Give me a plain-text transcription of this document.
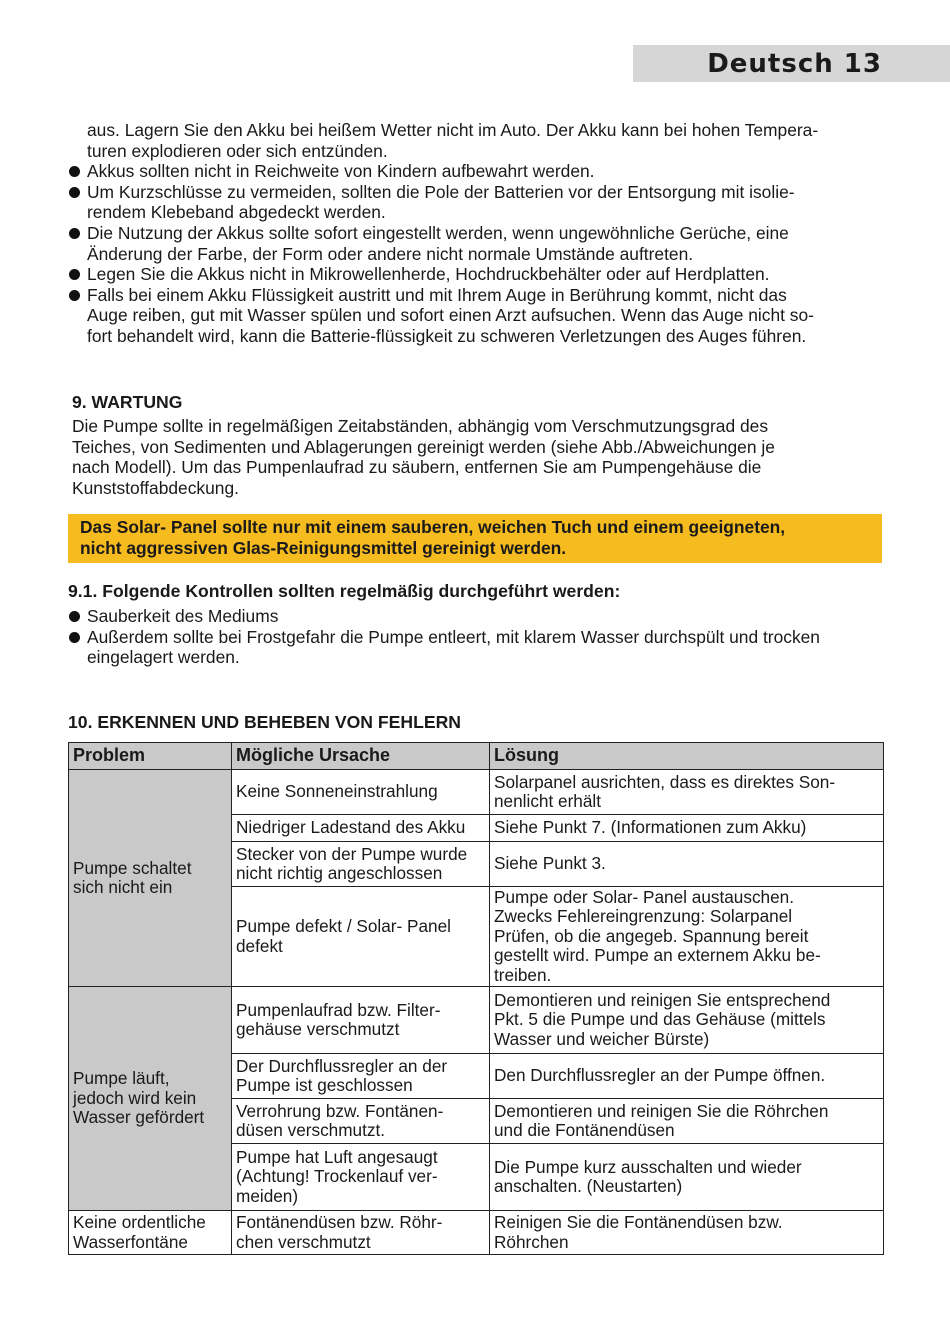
Deutsch 13
aus. Lagern Sie den Akku bei heißem Wetter nicht im Auto. Der Akku kann bei hohen Tempera-
turen explodieren oder sich entzünden.
Akkus sollten nicht in Reichweite von Kindern aufbewahrt werden.
Um Kurzschlüsse zu vermeiden, sollten die Pole der Batterien vor der Entsorgung mit isolie-
rendem Klebeband abgedeckt werden.
Die Nutzung der Akkus sollte sofort eingestellt werden, wenn ungewöhnliche Gerüche, eine
Änderung der Farbe, der Form oder andere nicht normale Umstände auftreten.
Legen Sie die Akkus nicht in Mikrowellenherde, Hochdruckbehälter oder auf Herdplatten.
Falls bei einem Akku Flüssigkeit austritt und mit Ihrem Auge in Berührung kommt, nicht das
Auge reiben, gut mit Wasser spülen und sofort einen Arzt aufsuchen. Wenn das Auge nicht so-
fort behandelt wird, kann die Batterie-flüssigkeit zu schweren Verletzungen des Auges führen.
9. WARTUNG
Die Pumpe sollte in regelmäßigen Zeitabständen, abhängig vom Verschmutzungsgrad des
Teiches, von Sedimenten und Ablagerungen gereinigt werden (siehe Abb./Abweichungen je
nach Modell). Um das Pumpenlaufrad zu säubern, entfernen Sie am Pumpengehäuse die
Kunststoffabdeckung.
Das Solar- Panel sollte nur mit einem sauberen, weichen Tuch und einem geeigneten,
nicht aggressiven Glas-Reinigungsmittel gereinigt werden.
9.1. Folgende Kontrollen sollten regelmäßig durchgeführt werden:
Sauberkeit des Mediums
Außerdem sollte bei Frostgefahr die Pumpe entleert, mit klarem Wasser durchspült und trocken
eingelagert werden.
10. ERKENNEN UND BEHEBEN VON FEHLERN
Problem	Mögliche Ursache	Lösung
Pumpe schaltet
sich nicht ein	Keine Sonneneinstrahlung	Solarpanel ausrichten, dass es direktes Son-
nenlicht erhält
	Niedriger Ladestand des Akku	Siehe Punkt 7. (Informationen zum Akku)
	Stecker von der Pumpe wurde
nicht richtig angeschlossen	Siehe Punkt 3.
	Pumpe defekt / Solar- Panel
defekt	Pumpe oder Solar- Panel austauschen.
Zwecks Fehlereingrenzung: Solarpanel
Prüfen, ob die angegeb. Spannung bereit
gestellt wird. Pumpe an externem Akku be-
treiben.
Pumpe läuft,
jedoch wird kein
Wasser gefördert	Pumpenlaufrad bzw. Filter-
gehäuse verschmutzt	Demontieren und reinigen Sie entsprechend
Pkt. 5 die Pumpe und das Gehäuse (mittels
Wasser und weicher Bürste)
	Der Durchflussregler an der
Pumpe ist geschlossen	Den Durchflussregler an der Pumpe öffnen.
	Verrohrung bzw. Fontänen-
düsen verschmutzt.	Demontieren und reinigen Sie die Röhrchen
und die Fontänendüsen
	Pumpe hat Luft angesaugt
(Achtung! Trockenlauf ver-
meiden)	Die Pumpe kurz ausschalten und wieder
anschalten. (Neustarten)
Keine ordentliche
Wasserfontäne	Fontänendüsen bzw. Röhr-
chen verschmutzt	Reinigen Sie die Fontänendüsen bzw.
Röhrchen
